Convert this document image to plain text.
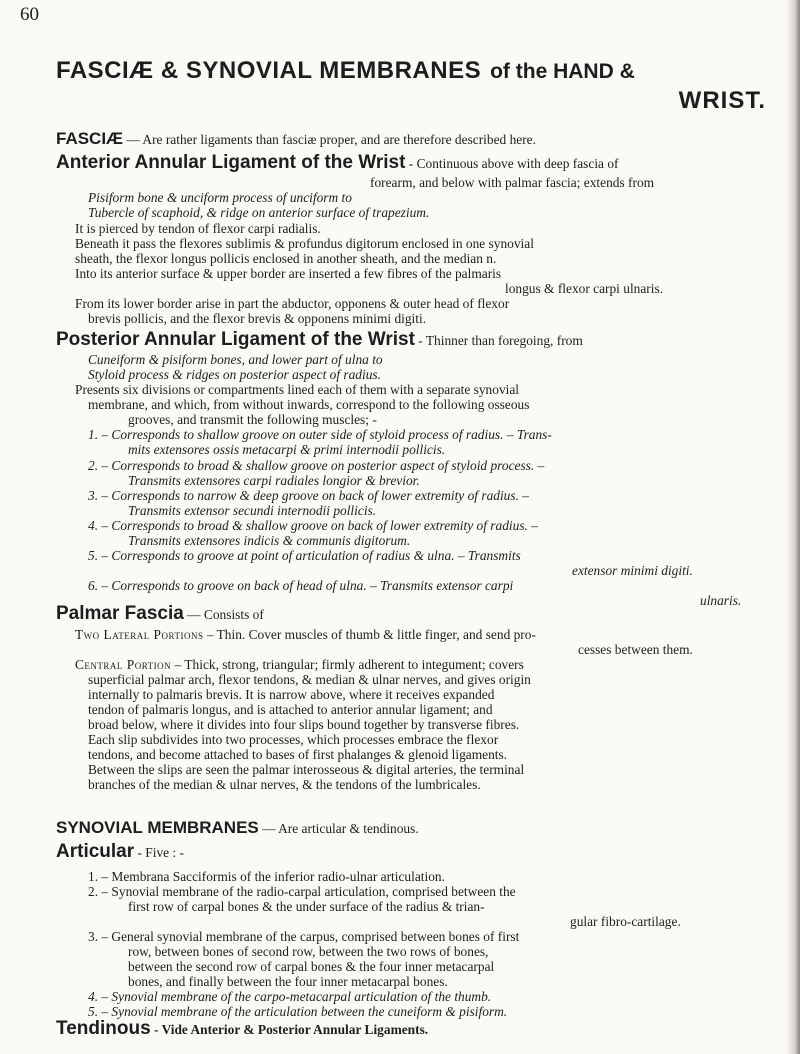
60
FASCIÆ & SYNOVIAL MEMBRANES of the HAND &
WRIST.
FASCIÆ — Are rather ligaments than fasciæ proper, and are therefore described here.
Anterior Annular Ligament of the Wrist - Continuous above with deep fascia of
forearm, and below with palmar fascia; extends from
Pisiform bone & unciform process of unciform to
Tubercle of scaphoid, & ridge on anterior surface of trapezium.
It is pierced by tendon of flexor carpi radialis.
Beneath it pass the flexores sublimis & profundus digitorum enclosed in one synovial
sheath, the flexor longus pollicis enclosed in another sheath, and the median n.
Into its anterior surface & upper border are inserted a few fibres of the palmaris
longus & flexor carpi ulnaris.
From its lower border arise in part the abductor, opponens & outer head of flexor
brevis pollicis, and the flexor brevis & opponens minimi digiti.
Posterior Annular Ligament of the Wrist - Thinner than foregoing, from
Cuneiform & pisiform bones, and lower part of ulna to
Styloid process & ridges on posterior aspect of radius.
Presents six divisions or compartments lined each of them with a separate synovial
membrane, and which, from without inwards, correspond to the following osseous
grooves, and transmit the following muscles; -
1. – Corresponds to shallow groove on outer side of styloid process of radius. – Trans-
mits extensores ossis metacarpi & primi internodii pollicis.
2. – Corresponds to broad & shallow groove on posterior aspect of styloid process. –
Transmits extensores carpi radiales longior & brevior.
3. – Corresponds to narrow & deep groove on back of lower extremity of radius. –
Transmits extensor secundi internodii pollicis.
4. – Corresponds to broad & shallow groove on back of lower extremity of radius. –
Transmits extensores indicis & communis digitorum.
5. – Corresponds to groove at point of articulation of radius & ulna. – Transmits
extensor minimi digiti.
6. – Corresponds to groove on back of head of ulna. – Transmits extensor carpi
ulnaris.
Palmar Fascia — Consists of
Two Lateral Portions – Thin. Cover muscles of thumb & little finger, and send pro-
cesses between them.
Central Portion – Thick, strong, triangular; firmly adherent to integument; covers
superficial palmar arch, flexor tendons, & median & ulnar nerves, and gives origin
internally to palmaris brevis. It is narrow above, where it receives expanded
tendon of palmaris longus, and is attached to anterior annular ligament; and
broad below, where it divides into four slips bound together by transverse fibres.
Each slip subdivides into two processes, which processes embrace the flexor
tendons, and become attached to bases of first phalanges & glenoid ligaments.
Between the slips are seen the palmar interosseous & digital arteries, the terminal
branches of the median & ulnar nerves, & the tendons of the lumbricales.
SYNOVIAL MEMBRANES — Are articular & tendinous.
Articular - Five : -
1. – Membrana Sacciformis of the inferior radio-ulnar articulation.
2. – Synovial membrane of the radio-carpal articulation, comprised between the
first row of carpal bones & the under surface of the radius & trian-
gular fibro-cartilage.
3. – General synovial membrane of the carpus, comprised between bones of first
row, between bones of second row, between the two rows of bones,
between the second row of carpal bones & the four inner metacarpal
bones, and finally between the four inner metacarpal bones.
4. – Synovial membrane of the carpo-metacarpal articulation of the thumb.
5. – Synovial membrane of the articulation between the cuneiform & pisiform.
Tendinous - Vide Anterior & Posterior Annular Ligaments.
